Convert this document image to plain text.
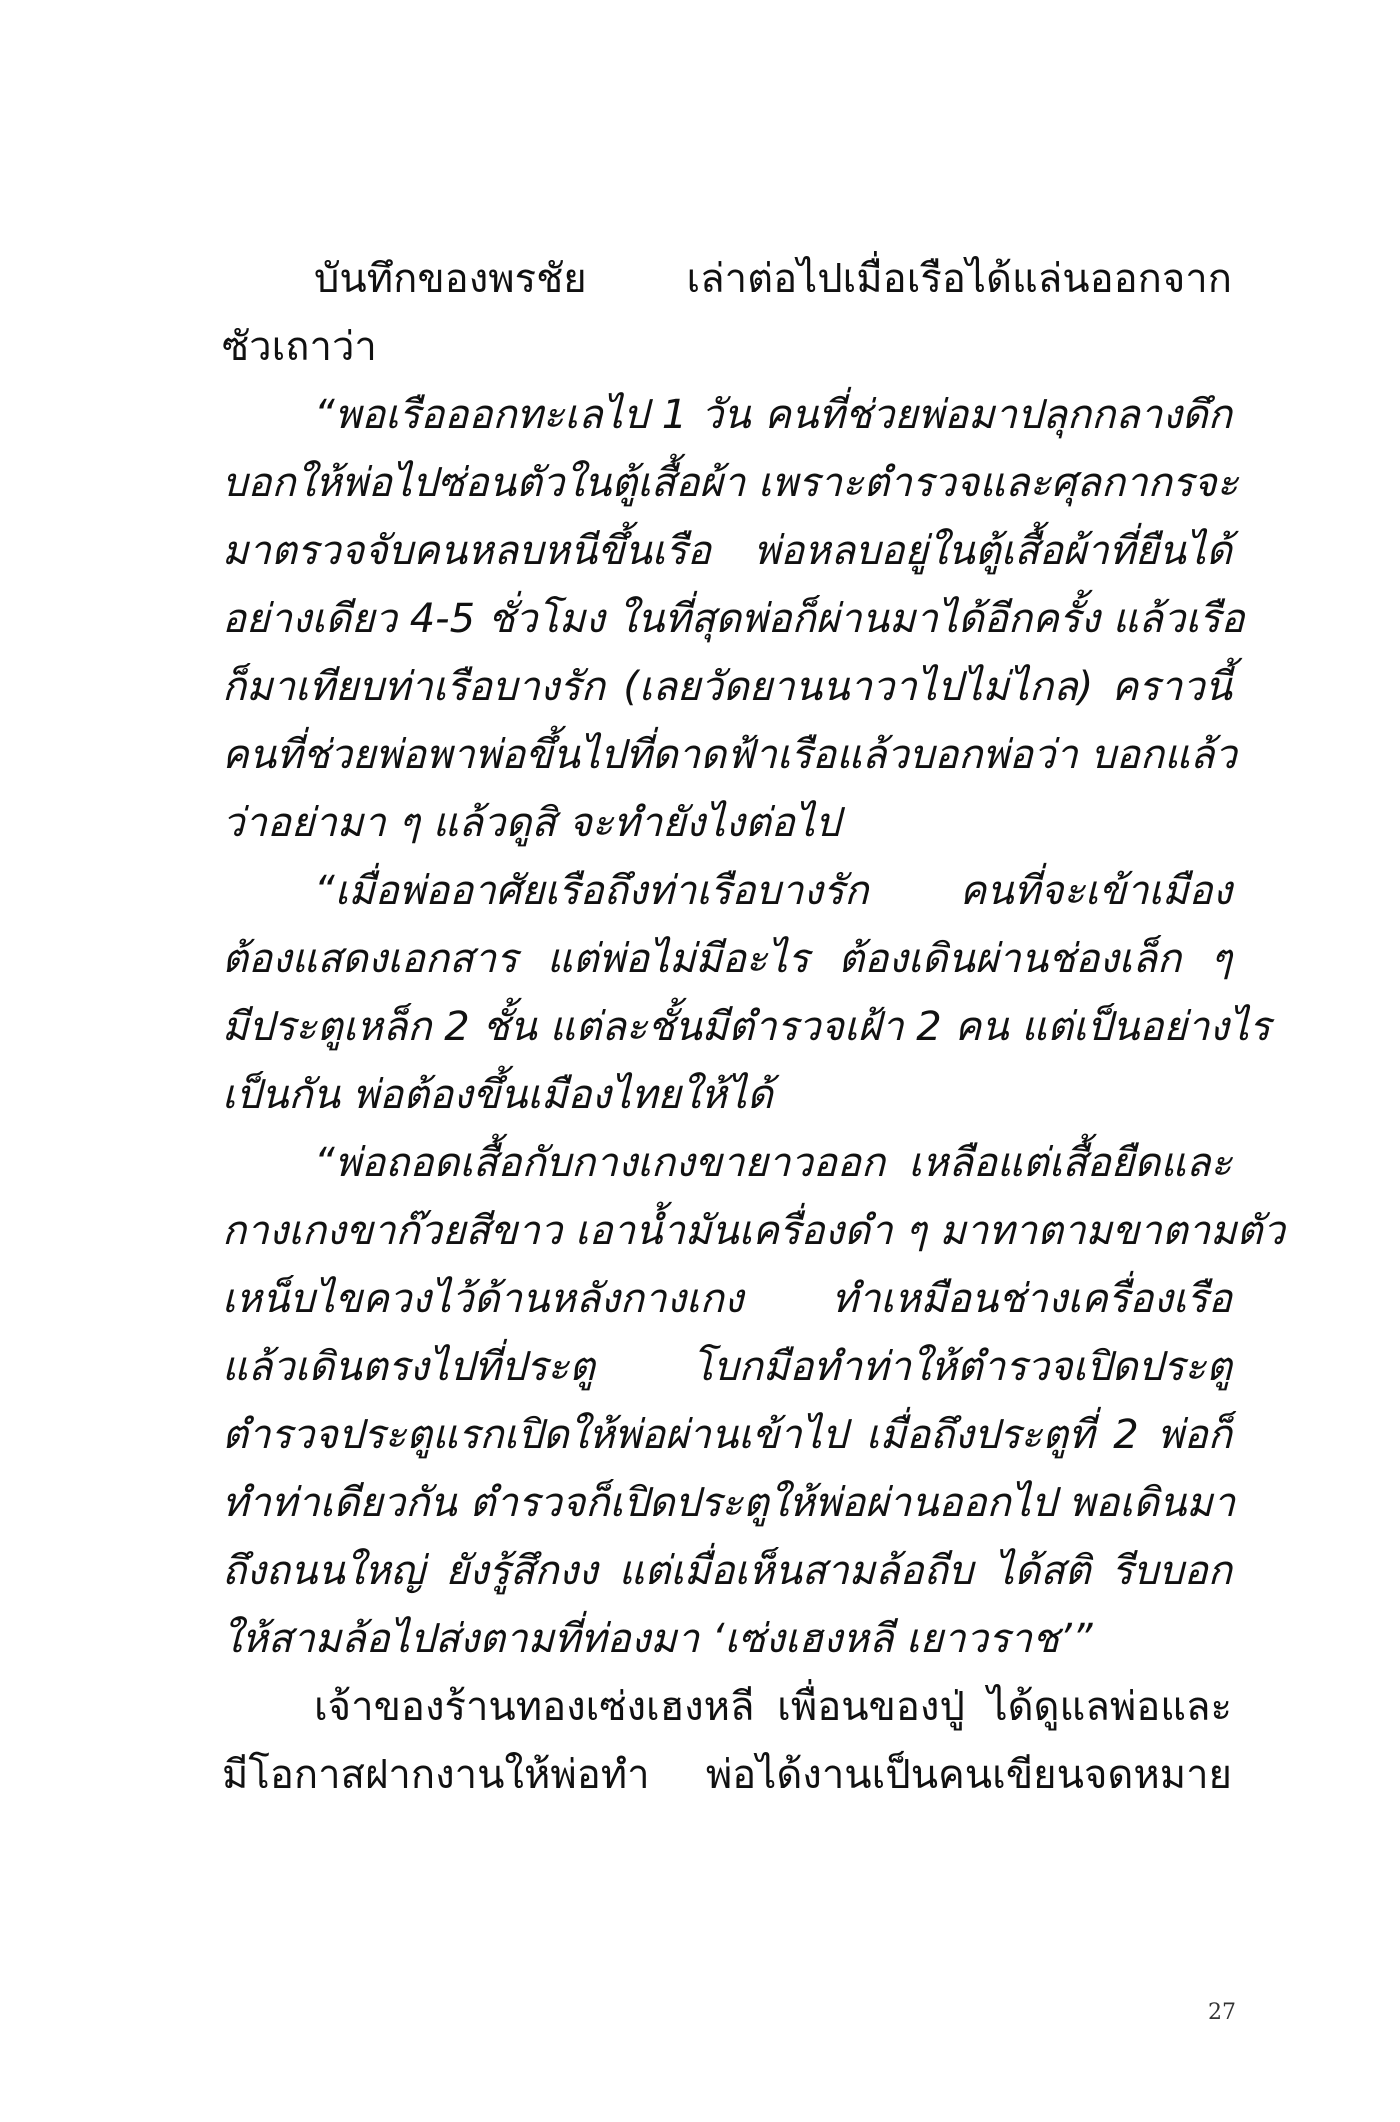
บันทึกของพรชัย เล่าต่อไปเมื่อเรือได้แล่นออกจาก
ซัวเถาว่า
“พอเรือออกทะเลไป 1 วัน คนที่ช่วยพ่อมาปลุกกลางดึก
บอกให้พ่อไปซ่อนตัวในตู้เสื้อผ้า เพราะตำรวจและศุลกากรจะ
มาตรวจจับคนหลบหนีขึ้นเรือ พ่อหลบอยู่ในตู้เสื้อผ้าที่ยืนได้
อย่างเดียว 4-5 ชั่วโมง ในที่สุดพ่อก็ผ่านมาได้อีกครั้ง แล้วเรือ
ก็มาเทียบท่าเรือบางรัก (เลยวัดยานนาวาไปไม่ไกล) คราวนี้
คนที่ช่วยพ่อพาพ่อขึ้นไปที่ดาดฟ้าเรือแล้วบอกพ่อว่า บอกแล้ว
ว่าอย่ามา ๆ แล้วดูสิ จะทำยังไงต่อไป
“เมื่อพ่ออาศัยเรือถึงท่าเรือบางรัก คนที่จะเข้าเมือง
ต้องแสดงเอกสาร แต่พ่อไม่มีอะไร ต้องเดินผ่านช่องเล็ก ๆ
มีประตูเหล็ก 2 ชั้น แต่ละชั้นมีตำรวจเฝ้า 2 คน แต่เป็นอย่างไร
เป็นกัน พ่อต้องขึ้นเมืองไทยให้ได้
“พ่อถอดเสื้อกับกางเกงขายาวออก เหลือแต่เสื้อยืดและ
กางเกงขาก๊วยสีขาว เอาน้ำมันเครื่องดำ ๆ มาทาตามขาตามตัว
เหน็บไขควงไว้ด้านหลังกางเกง ทำเหมือนช่างเครื่องเรือ
แล้วเดินตรงไปที่ประตู โบกมือทำท่าให้ตำรวจเปิดประตู
ตำรวจประตูแรกเปิดให้พ่อผ่านเข้าไป เมื่อถึงประตูที่ 2 พ่อก็
ทำท่าเดียวกัน ตำรวจก็เปิดประตูให้พ่อผ่านออกไป พอเดินมา
ถึงถนนใหญ่ ยังรู้สึกงง แต่เมื่อเห็นสามล้อถีบ ได้สติ รีบบอก
ให้สามล้อไปส่งตามที่ท่องมา ‘เซ่งเฮงหลี เยาวราช’”
เจ้าของร้านทองเซ่งเฮงหลี เพื่อนของปู่ ได้ดูแลพ่อและ
มีโอกาสฝากงานให้พ่อทำ พ่อได้งานเป็นคนเขียนจดหมาย
27
